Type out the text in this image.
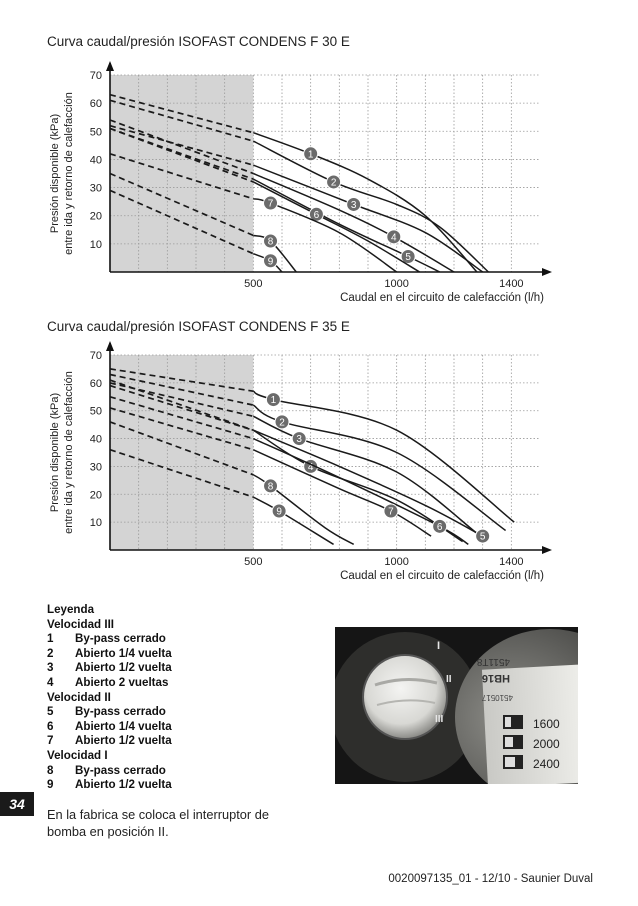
Curva caudal/presión ISOFAST CONDENS F 30 E
10
20
30
40
50
60
70
500	1000	1400
Caudal en el circuito de calefacción (l/h)
Presión disponible (kPa) entre ida y retorno de calefacción	1
2
3
4
5
6
7
8
9
Curva caudal/presión ISOFAST CONDENS F 35 E
10
20
30
40
50
60
70
500	1000	1400
Caudal en el circuito de calefacción (l/h)
Presión disponible (kPa) entre ida y retorno de calefacción	1
2
3
4
5
6
7
8
9
Leyenda
Velocidad III
1	By-pass cerrado
2	Abierto 1/4 vuelta
3	Abierto 1/2 vuelta
4	Abierto 2 vueltas
Velocidad II
5	By-pass cerrado
6	Abierto 1/4 vuelta
7	Abierto 1/2 vuelta
Velocidad I
8	By-pass cerrado
9	Abierto 1/2 vuelta
En la fabrica se coloca el interruptor de bomba en posición II.
34
0020097135_01 - 12/10 - Saunier Duval
I
II
III
4511T8
HB16
4510517
1600
2000
2400
